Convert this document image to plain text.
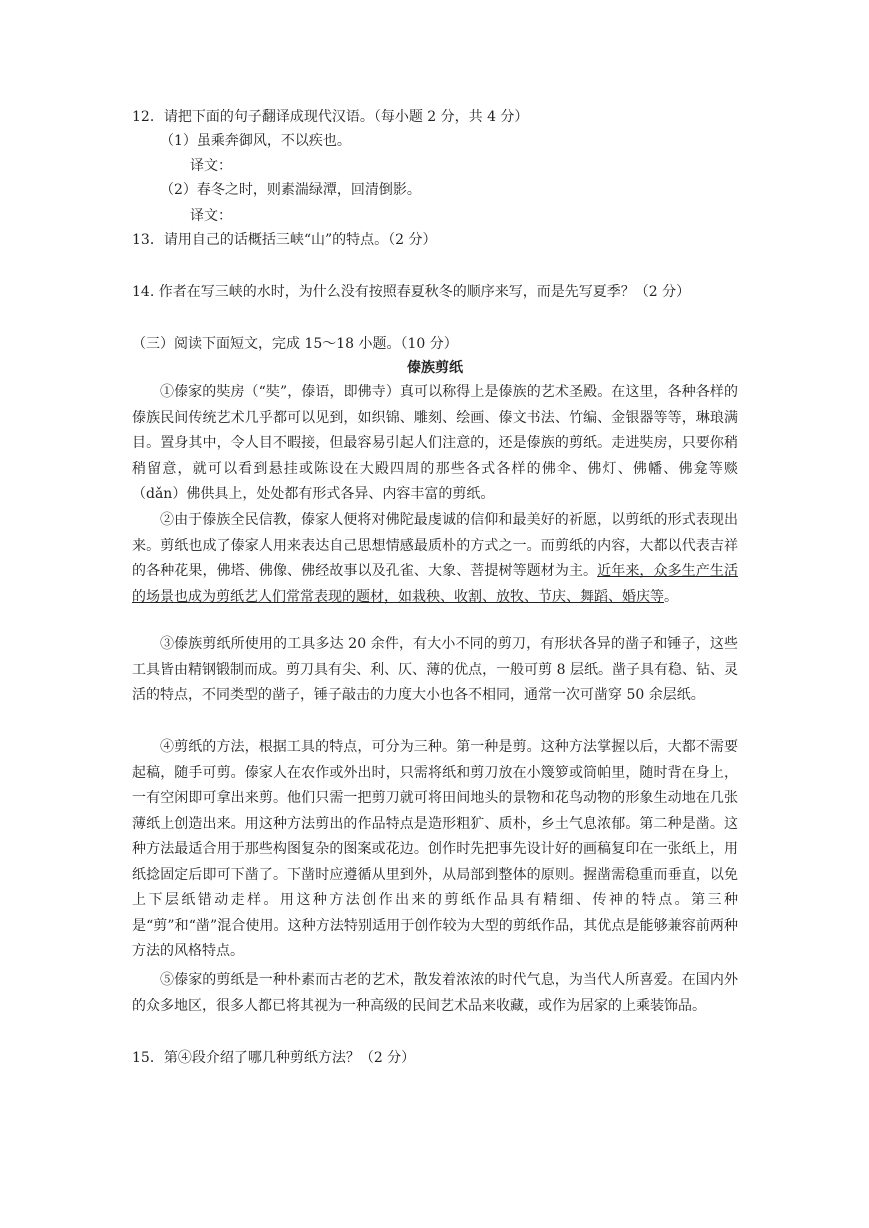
12．请把下面的句子翻译成现代汉语。（每小题 2 分，共 4 分）
（1）虽乘奔御风，不以疾也。
译文：
（2）春冬之时，则素湍绿潭，回清倒影。
译文：
13．请用自己的话概括三峡“山”的特点。（2 分）
14. 作者在写三峡的水时，为什么没有按照春夏秋冬的顺序来写，而是先写夏季？（2 分）
（三）阅读下面短文，完成 15～18 小题。（10 分）
傣族剪纸
①傣家的奘房（“奘”，傣语，即佛寺）真可以称得上是傣族的艺术圣殿。在这里，各种各样的傣族民间传统艺术几乎都可以见到，如织锦、雕刻、绘画、傣文书法、竹编、金银器等等，琳琅满目。置身其中，令人目不暇接，但最容易引起人们注意的，还是傣族的剪纸。走进奘房，只要你稍稍留意，就可以看到悬挂或陈设在大殿四周的那些各式各样的佛伞、佛灯、佛幡、佛龛等赕（dǎn）佛供具上，处处都有形式各异、内容丰富的剪纸。
②由于傣族全民信教，傣家人便将对佛陀最虔诚的信仰和最美好的祈愿，以剪纸的形式表现出来。剪纸也成了傣家人用来表达自己思想情感最质朴的方式之一。而剪纸的内容，大都以代表吉祥的各种花果，佛塔、佛像、佛经故事以及孔雀、大象、菩提树等题材为主。近年来，众多生产生活的场景也成为剪纸艺人们常常表现的题材，如栽秧、收割、放牧、节庆、舞蹈、婚庆等。
③傣族剪纸所使用的工具多达 20 余件，有大小不同的剪刀，有形状各异的凿子和锤子，这些工具皆由精钢锻制而成。剪刀具有尖、利、仄、薄的优点，一般可剪 8 层纸。凿子具有稳、钻、灵活的特点，不同类型的凿子，锤子敲击的力度大小也各不相同，通常一次可凿穿 50 余层纸。
④剪纸的方法，根据工具的特点，可分为三种。第一种是剪。这种方法掌握以后，大都不需要起稿，随手可剪。傣家人在农作或外出时，只需将纸和剪刀放在小篾箩或筒帕里，随时背在身上，一有空闲即可拿出来剪。他们只需一把剪刀就可将田间地头的景物和花鸟动物的形象生动地在几张薄纸上创造出来。用这种方法剪出的作品特点是造形粗犷、质朴，乡土气息浓郁。第二种是凿。这种方法最适合用于那些构图复杂的图案或花边。创作时先把事先设计好的画稿复印在一张纸上，用纸捻固定后即可下凿了。下凿时应遵循从里到外，从局部到整体的原则。握凿需稳重而垂直，以免上下层纸错动走样。用这种方法创作出来的剪纸作品具有精细、传神的特点。第三种是“剪”和“凿”混合使用。这种方法特别适用于创作较为大型的剪纸作品，其优点是能够兼容前两种方法的风格特点。
⑤傣家的剪纸是一种朴素而古老的艺术，散发着浓浓的时代气息，为当代人所喜爱。在国内外的众多地区，很多人都已将其视为一种高级的民间艺术品来收藏，或作为居家的上乘装饰品。
15．第④段介绍了哪几种剪纸方法？（2 分）
